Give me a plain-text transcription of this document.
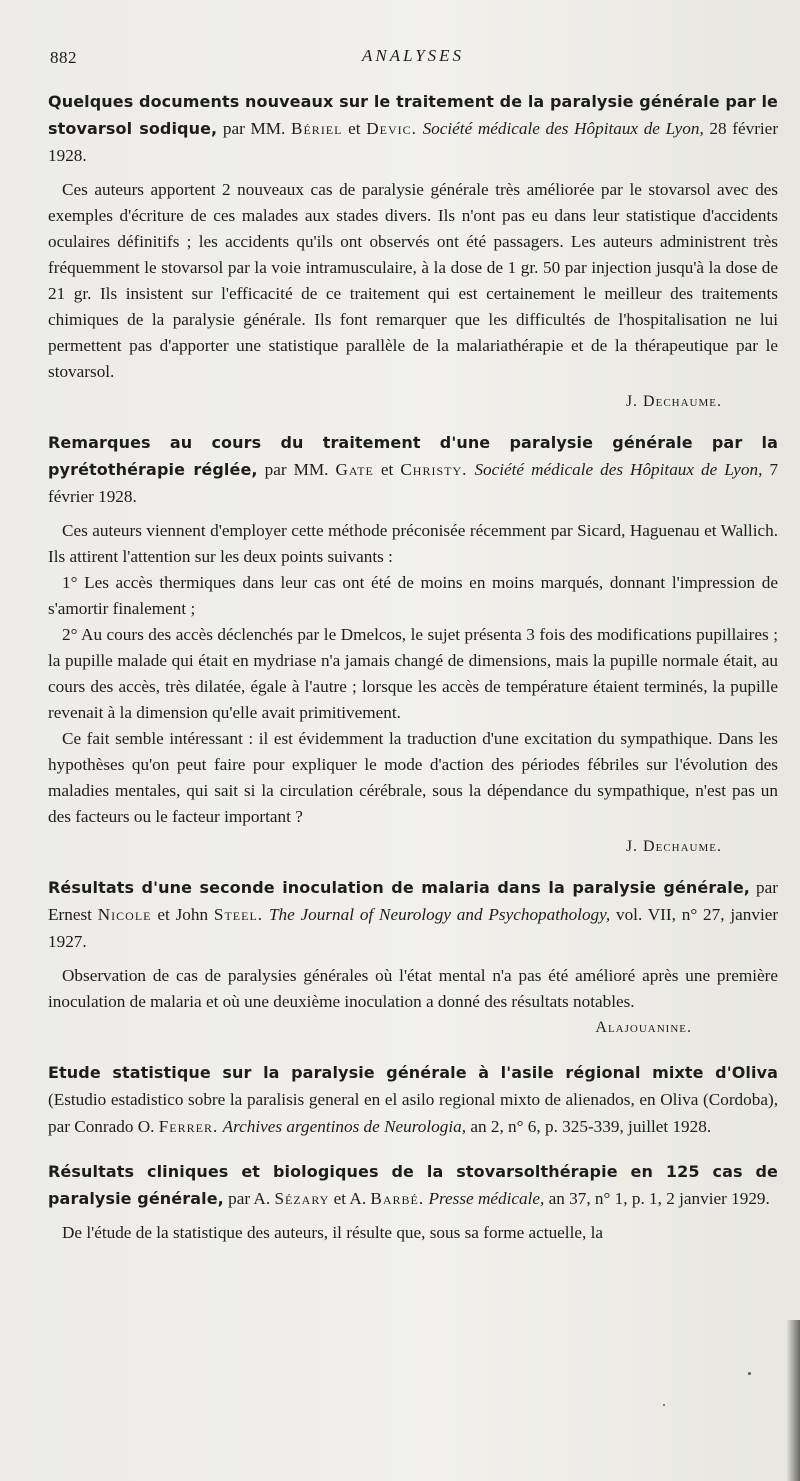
882	ANALYSES
Quelques documents nouveaux sur le traitement de la paralysie générale par le stovarsol sodique, par MM. Bériel et Devic. Société médicale des Hôpitaux de Lyon, 28 février 1928.

Ces auteurs apportent 2 nouveaux cas de paralysie générale très améliorée par le stovarsol avec des exemples d'écriture de ces malades aux stades divers. Ils n'ont pas eu dans leur statistique d'accidents oculaires définitifs ; les accidents qu'ils ont observés ont été passagers. Les auteurs administrent très fréquemment le stovarsol par la voie intramusculaire, à la dose de 1 gr. 50 par injection jusqu'à la dose de 21 gr. Ils insistent sur l'efficacité de ce traitement qui est certainement le meilleur des traitements chimiques de la paralysie générale. Ils font remarquer que les difficultés de l'hospitalisation ne lui permettent pas d'apporter une statistique parallèle de la malariathérapie et de la thérapeutique par le stovarsol.

J. Dechaume.
Remarques au cours du traitement d'une paralysie générale par la pyrétothérapie réglée, par MM. Gate et Christy. Société médicale des Hôpitaux de Lyon, 7 février 1928.

Ces auteurs viennent d'employer cette méthode préconisée récemment par Sicard, Haguenau et Wallich. Ils attirent l'attention sur les deux points suivants :

1° Les accès thermiques dans leur cas ont été de moins en moins marqués, donnant l'impression de s'amortir finalement ;

2° Au cours des accès déclenchés par le Dmelcos, le sujet présenta 3 fois des modifications pupillaires ; la pupille malade qui était en mydriase n'a jamais changé de dimensions, mais la pupille normale était, au cours des accès, très dilatée, égale à l'autre ; lorsque les accès de température étaient terminés, la pupille revenait à la dimension qu'elle avait primitivement.

Ce fait semble intéressant : il est évidemment la traduction d'une excitation du sympathique. Dans les hypothèses qu'on peut faire pour expliquer le mode d'action des périodes fébriles sur l'évolution des maladies mentales, qui sait si la circulation cérébrale, sous la dépendance du sympathique, n'est pas un des facteurs ou le facteur important ?

J. Dechaume.
Résultats d'une seconde inoculation de malaria dans la paralysie générale, par Ernest Nicole et John Steel. The Journal of Neurology and Psychopathology, vol. VII, n° 27, janvier 1927.

Observation de cas de paralysies générales où l'état mental n'a pas été amélioré après une première inoculation de malaria et où une deuxième inoculation a donné des résultats notables.
Alajouanine.

Etude statistique sur la paralysie générale à l'asile régional mixte d'Oliva (Estudio estadistico sobre la paralisis general en el asilo regional mixto de alienados, en Oliva (Cordoba), par Conrado O. Ferrer. Archives argentinos de Neurologia, an 2, n° 6, p. 325-339, juillet 1928.
Résultats cliniques et biologiques de la stovarsolthérapie en 125 cas de paralysie générale, par A. Sézary et A. Barbé. Presse médicale, an 37, n° 1, p. 1, 2 janvier 1929.

De l'étude de la statistique des auteurs, il résulte que, sous sa forme actuelle, la
